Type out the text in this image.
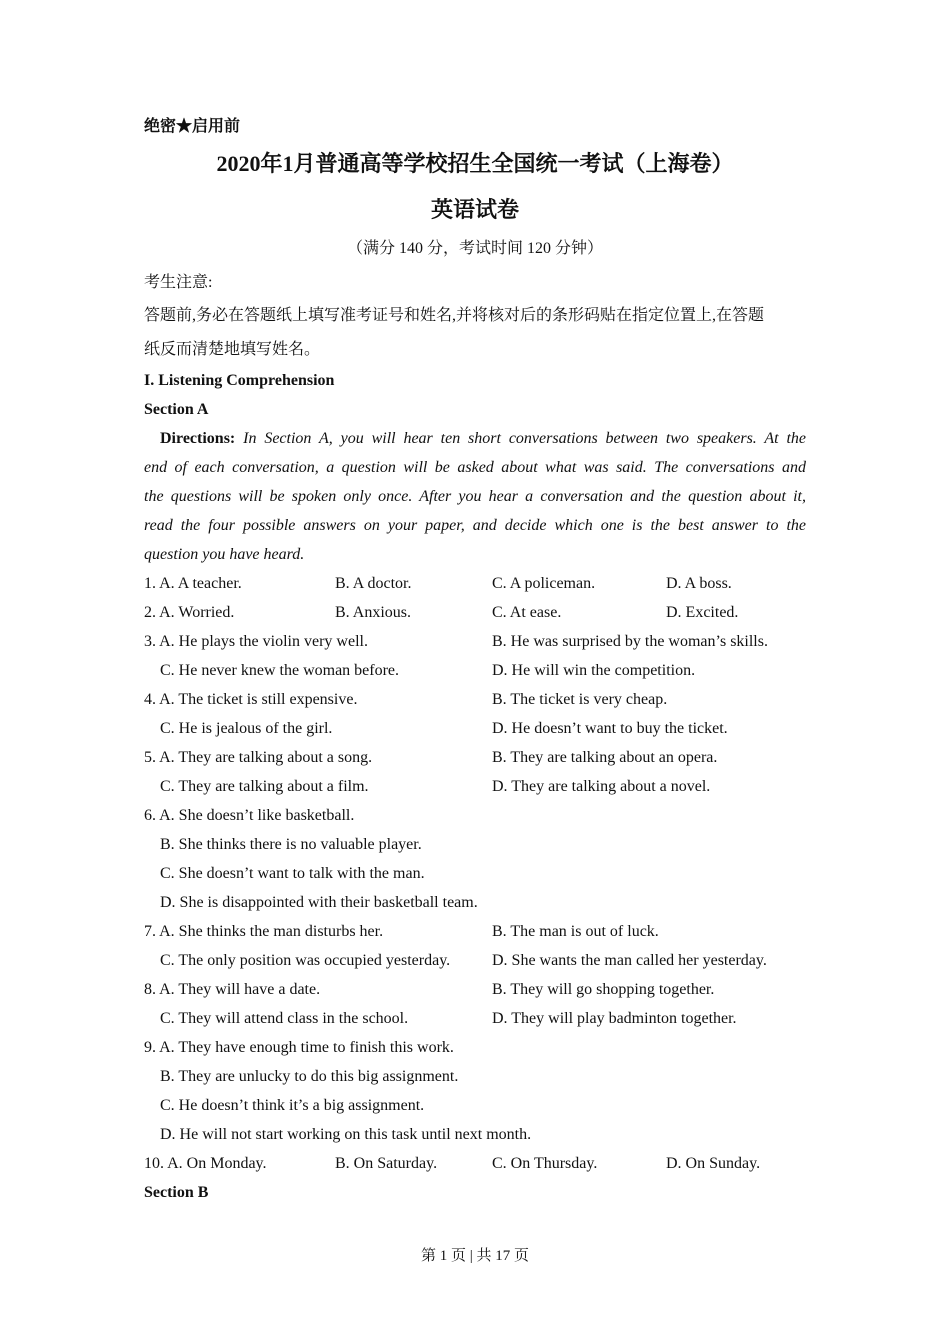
绝密★启用前
2020年1月普通高等学校招生全国统一考试（上海卷）
英语试卷
（满分 140 分，考试时间 120 分钟）
考生注意:
答题前,务必在答题纸上填写准考证号和姓名,并将核对后的条形码贴在指定位置上,在答题
纸反而清楚地填写姓名。
I. Listening Comprehension
Section A
Directions: In Section A, you will hear ten short conversations between two speakers. At the
end of each conversation, a question will be asked about what was said. The conversations and
the questions will be spoken only once. After you hear a conversation and the question about it,
read the four possible answers on your paper, and decide which one is the best answer to the
question you have heard.
1. A. A teacher.	B. A doctor.	C. A policeman.	D. A boss.
2. A. Worried.	B. Anxious.	C. At ease.	D. Excited.
3. A. He plays the violin very well.	B. He was surprised by the woman’s skills.
C. He never knew the woman before.	D. He will win the competition.
4. A. The ticket is still expensive.	B. The ticket is very cheap.
C. He is jealous of the girl.	D. He doesn’t want to buy the ticket.
5. A. They are talking about a song.	B. They are talking about an opera.
C. They are talking about a film.	D. They are talking about a novel.
6. A. She doesn’t like basketball.
B. She thinks there is no valuable player.
C. She doesn’t want to talk with the man.
D. She is disappointed with their basketball team.
7. A. She thinks the man disturbs her.	B. The man is out of luck.
C. The only position was occupied yesterday.	D. She wants the man called her yesterday.
8. A. They will have a date.	B. They will go shopping together.
C. They will attend class in the school.	D. They will play badminton together.
9. A. They have enough time to finish this work.
B. They are unlucky to do this big assignment.
C. He doesn’t think it’s a big assignment.
D. He will not start working on this task until next month.
10. A. On Monday.	B. On Saturday.	C. On Thursday.	D. On Sunday.
Section B
第 1 页 | 共 17 页
